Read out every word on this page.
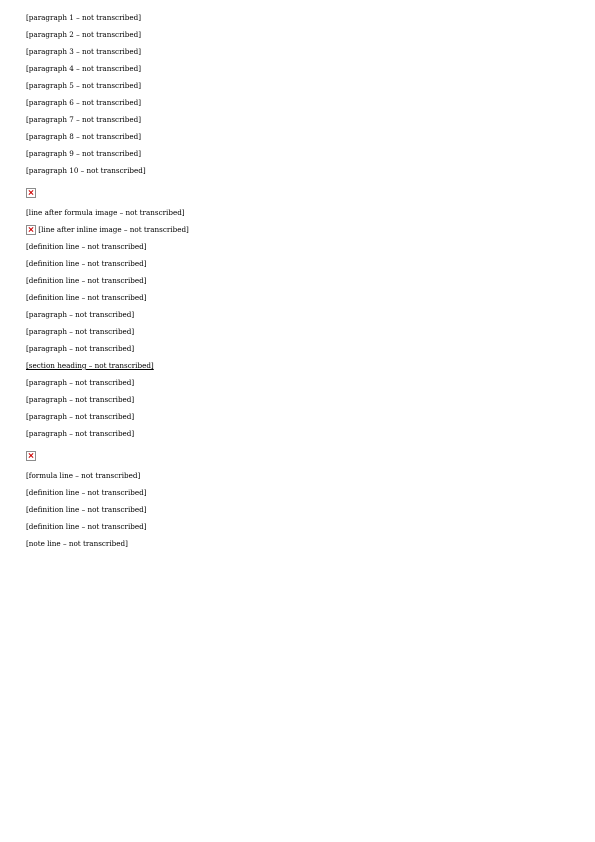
[paragraph 1 – not transcribed]

[paragraph 2 – not transcribed]

[paragraph 3 – not transcribed]

[paragraph 4 – not transcribed]

[paragraph 5 – not transcribed]

[paragraph 6 – not transcribed]

[paragraph 7 – not transcribed]

[paragraph 8 – not transcribed]

[paragraph 9 – not transcribed]

[paragraph 10 – not transcribed]

[line after formula image – not transcribed]

[line after inline image – not transcribed]

[definition line – not transcribed]

[definition line – not transcribed]

[definition line – not transcribed]

[definition line – not transcribed]

[paragraph – not transcribed]

[paragraph – not transcribed]

[paragraph – not transcribed]

[section heading – not transcribed]

[paragraph – not transcribed]

[paragraph – not transcribed]

[paragraph – not transcribed]

[paragraph – not transcribed]

[formula line – not transcribed]

[definition line – not transcribed]

[definition line – not transcribed]

[definition line – not transcribed]

[note line – not transcribed]
